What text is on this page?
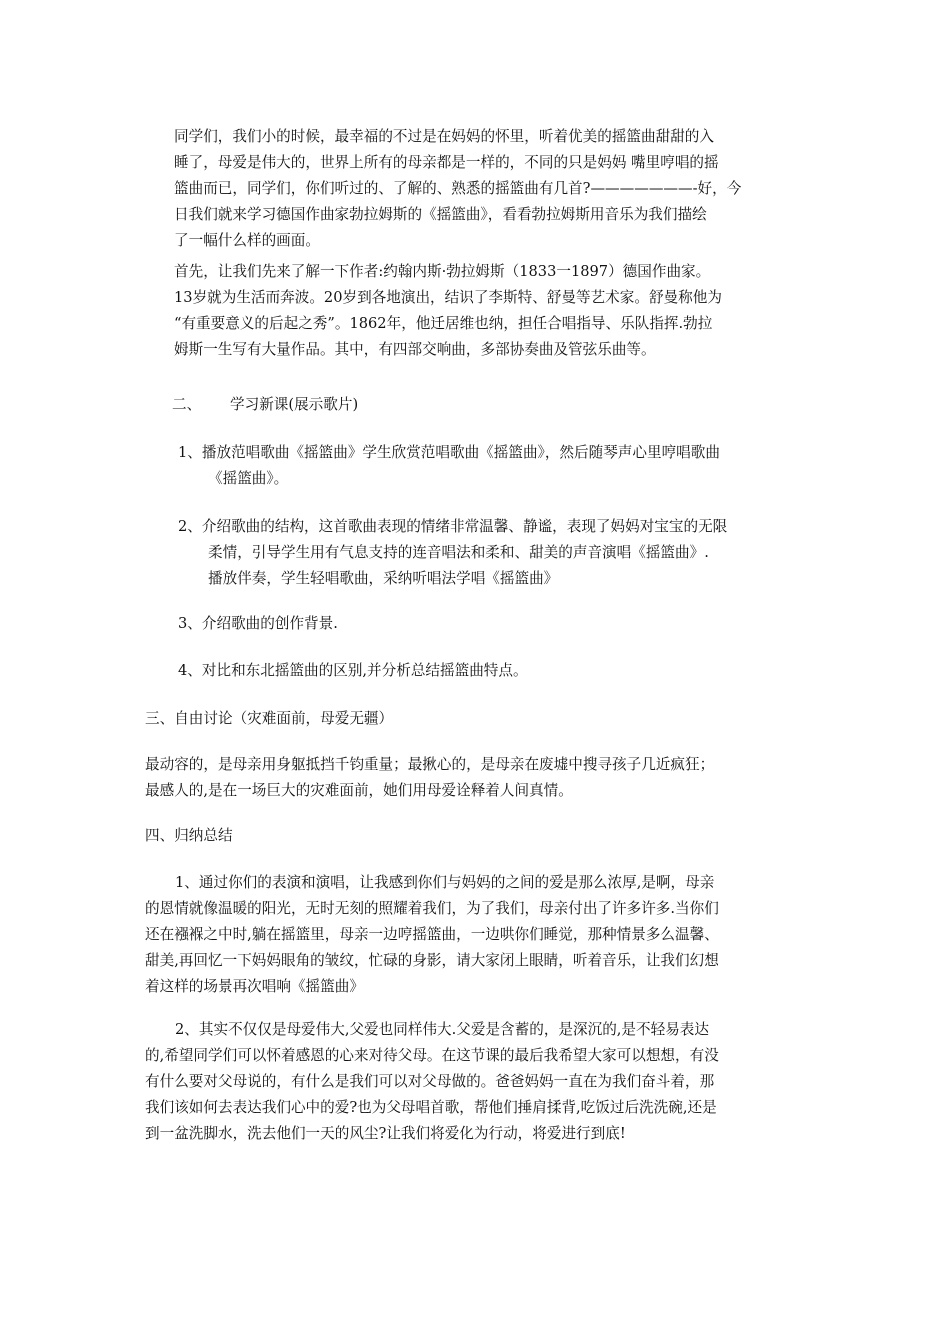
同学们，我们小的时候，最幸福的不过是在妈妈的怀里，听着优美的摇篮曲甜甜的入
睡了，母爱是伟大的，世界上所有的母亲都是一样的，不同的只是妈妈 嘴里哼唱的摇
篮曲而已，同学们，你们听过的、了解的、熟悉的摇篮曲有几首?———————-好，今
日我们就来学习德国作曲家勃拉姆斯的《摇篮曲》，看看勃拉姆斯用音乐为我们描绘
了一幅什么样的画面。
首先，让我们先来了解一下作者:约翰内斯·勃拉姆斯（1833一1897）德国作曲家。
13岁就为生活而奔波。20岁到各地演出，结识了李斯特、舒曼等艺术家。舒曼称他为
“有重要意义的后起之秀”。1862年，他迁居维也纳，担任合唱指导、乐队指挥.勃拉
姆斯一生写有大量作品。其中，有四部交响曲，多部协奏曲及管弦乐曲等。
二、 学习新课(展示歌片)
1、播放范唱歌曲《摇篮曲》学生欣赏范唱歌曲《摇篮曲》，然后随琴声心里哼唱歌曲
《摇篮曲》。
2、介绍歌曲的结构，这首歌曲表现的情绪非常温馨、静谧，表现了妈妈对宝宝的无限
柔情，引导学生用有气息支持的连音唱法和柔和、甜美的声音演唱《摇篮曲》.
播放伴奏，学生轻唱歌曲，采纳听唱法学唱《摇篮曲》
3、介绍歌曲的创作背景.
4、对比和东北摇篮曲的区别,并分析总结摇篮曲特点。
三、自由讨论（灾难面前，母爱无疆）
最动容的，是母亲用身躯抵挡千钧重量；最揪心的，是母亲在废墟中搜寻孩子几近疯狂；
最感人的,是在一场巨大的灾难面前，她们用母爱诠释着人间真情。
四、归纳总结
1、通过你们的表演和演唱，让我感到你们与妈妈的之间的爱是那么浓厚,是啊，母亲
的恩情就像温暖的阳光，无时无刻的照耀着我们，为了我们，母亲付出了许多许多.当你们
还在襁褓之中时,躺在摇篮里，母亲一边哼摇篮曲，一边哄你们睡觉，那种情景多么温馨、
甜美,再回忆一下妈妈眼角的皱纹，忙碌的身影，请大家闭上眼睛，听着音乐，让我们幻想
着这样的场景再次唱响《摇篮曲》
2、其实不仅仅是母爱伟大,父爱也同样伟大.父爱是含蓄的，是深沉的,是不轻易表达
的,希望同学们可以怀着感恩的心来对待父母。在这节课的最后我希望大家可以想想，有没
有什么要对父母说的，有什么是我们可以对父母做的。爸爸妈妈一直在为我们奋斗着，那
我们该如何去表达我们心中的爱?也为父母唱首歌，帮他们捶肩揉背,吃饭过后洗洗碗,还是
到一盆洗脚水，洗去他们一天的风尘?让我们将爱化为行动，将爱进行到底!
